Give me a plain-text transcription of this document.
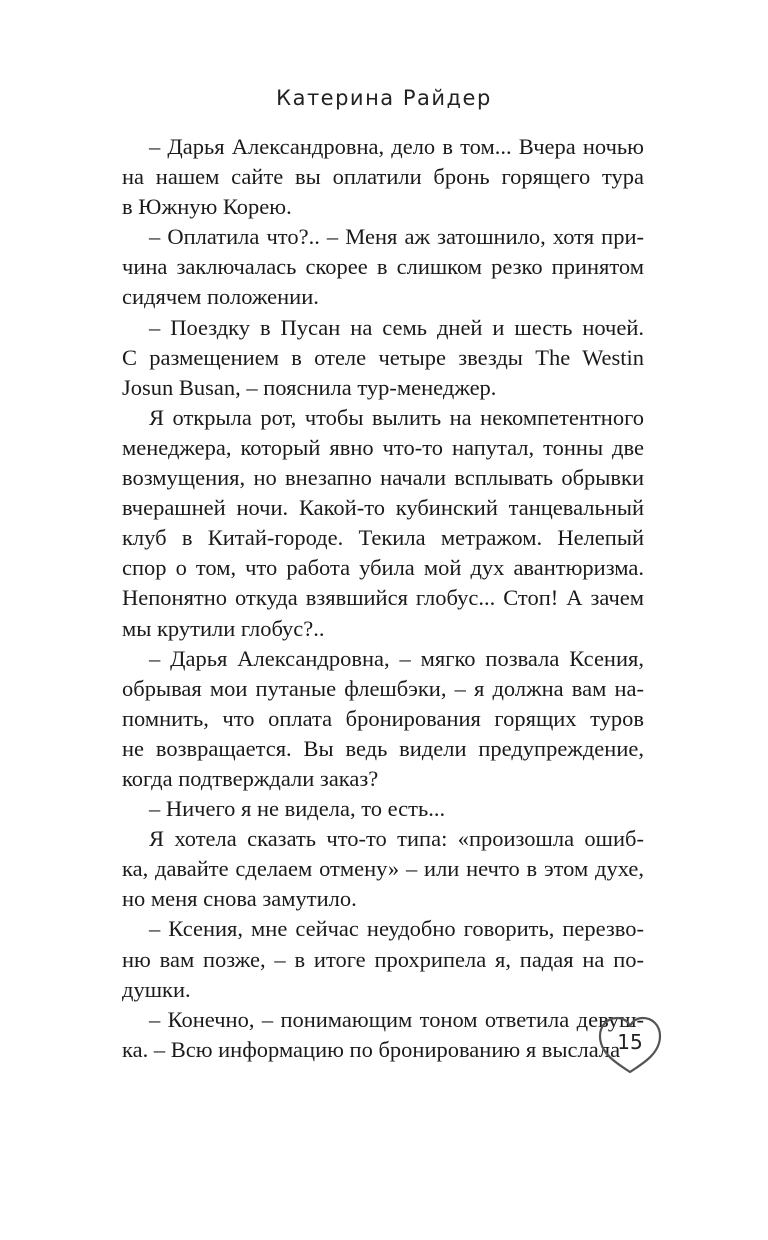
Катерина Райдер
– Дарья Александровна, дело в том... Вчера ночью
на нашем сайте вы оплатили бронь горящего тура
в Южную Корею.
– Оплатила что?.. – Меня аж затошнило, хотя при-
чина заключалась скорее в слишком резко принятом
сидячем положении.
– Поездку в Пусан на семь дней и шесть ночей.
С размещением в отеле четыре звезды The Westin
Josun Busan, – пояснила тур-менеджер.
Я открыла рот, чтобы вылить на некомпетентного
менеджера, который явно что-то напутал, тонны две
возмущения, но внезапно начали всплывать обрывки
вчерашней ночи. Какой-то кубинский танцевальный
клуб в Китай-городе. Текила метражом. Нелепый
спор о том, что работа убила мой дух авантюризма.
Непонятно откуда взявшийся глобус... Стоп! А зачем
мы крутили глобус?..
– Дарья Александровна, – мягко позвала Ксения,
обрывая мои путаные флешбэки, – я должна вам на-
помнить, что оплата бронирования горящих туров
не возвращается. Вы ведь видели предупреждение,
когда подтверждали заказ?
– Ничего я не видела, то есть...
Я хотела сказать что-то типа: «произошла ошиб-
ка, давайте сделаем отмену» – или нечто в этом духе,
но меня снова замутило.
– Ксения, мне сейчас неудобно говорить, перезво-
ню вам позже, – в итоге прохрипела я, падая на по-
душки.
– Конечно, – понимающим тоном ответила девуш-
ка. – Всю информацию по бронированию я выслала
15
